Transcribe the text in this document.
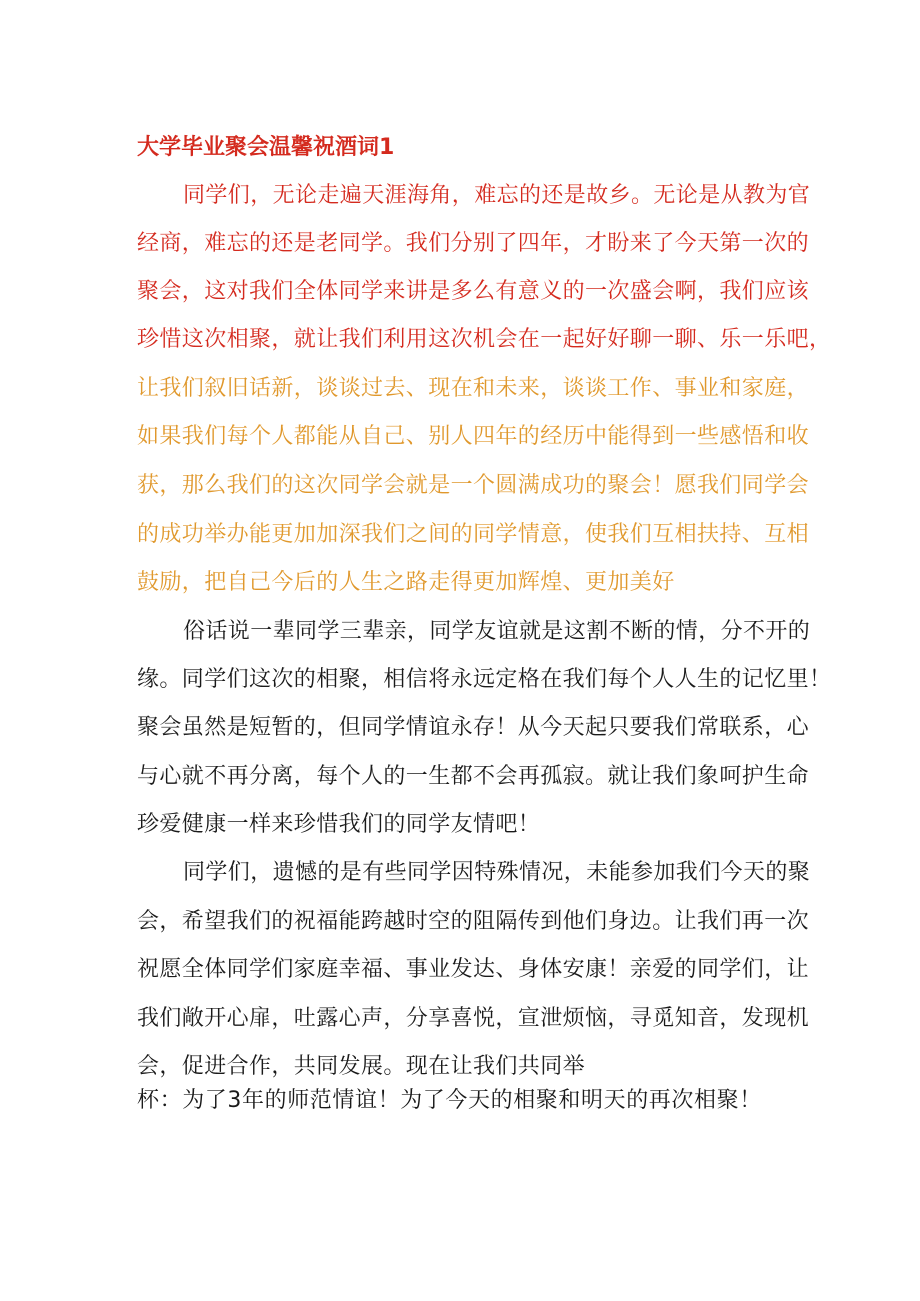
大学毕业聚会温馨祝酒词1
同学们，无论走遍天涯海角，难忘的还是故乡。无论是从教为官
经商，难忘的还是老同学。我们分别了四年，才盼来了今天第一次的
聚会，这对我们全体同学来讲是多么有意义的一次盛会啊，我们应该
珍惜这次相聚，就让我们利用这次机会在一起好好聊一聊、乐一乐吧，
让我们叙旧话新，谈谈过去、现在和未来，谈谈工作、事业和家庭，
如果我们每个人都能从自己、别人四年的经历中能得到一些感悟和收
获，那么我们的这次同学会就是一个圆满成功的聚会！愿我们同学会
的成功举办能更加加深我们之间的同学情意，使我们互相扶持、互相
鼓励，把自己今后的人生之路走得更加辉煌、更加美好
俗话说一辈同学三辈亲，同学友谊就是这割不断的情，分不开的
缘。同学们这次的相聚，相信将永远定格在我们每个人人生的记忆里！
聚会虽然是短暂的，但同学情谊永存！从今天起只要我们常联系，心
与心就不再分离，每个人的一生都不会再孤寂。就让我们象呵护生命
珍爱健康一样来珍惜我们的同学友情吧！
同学们，遗憾的是有些同学因特殊情况，未能参加我们今天的聚
会，希望我们的祝福能跨越时空的阻隔传到他们身边。让我们再一次
祝愿全体同学们家庭幸福、事业发达、身体安康！亲爱的同学们，让
我们敞开心扉，吐露心声，分享喜悦，宣泄烦恼，寻觅知音，发现机
会，促进合作，共同发展。现在让我们共同举
杯：为了3年的师范情谊！为了今天的相聚和明天的再次相聚！
